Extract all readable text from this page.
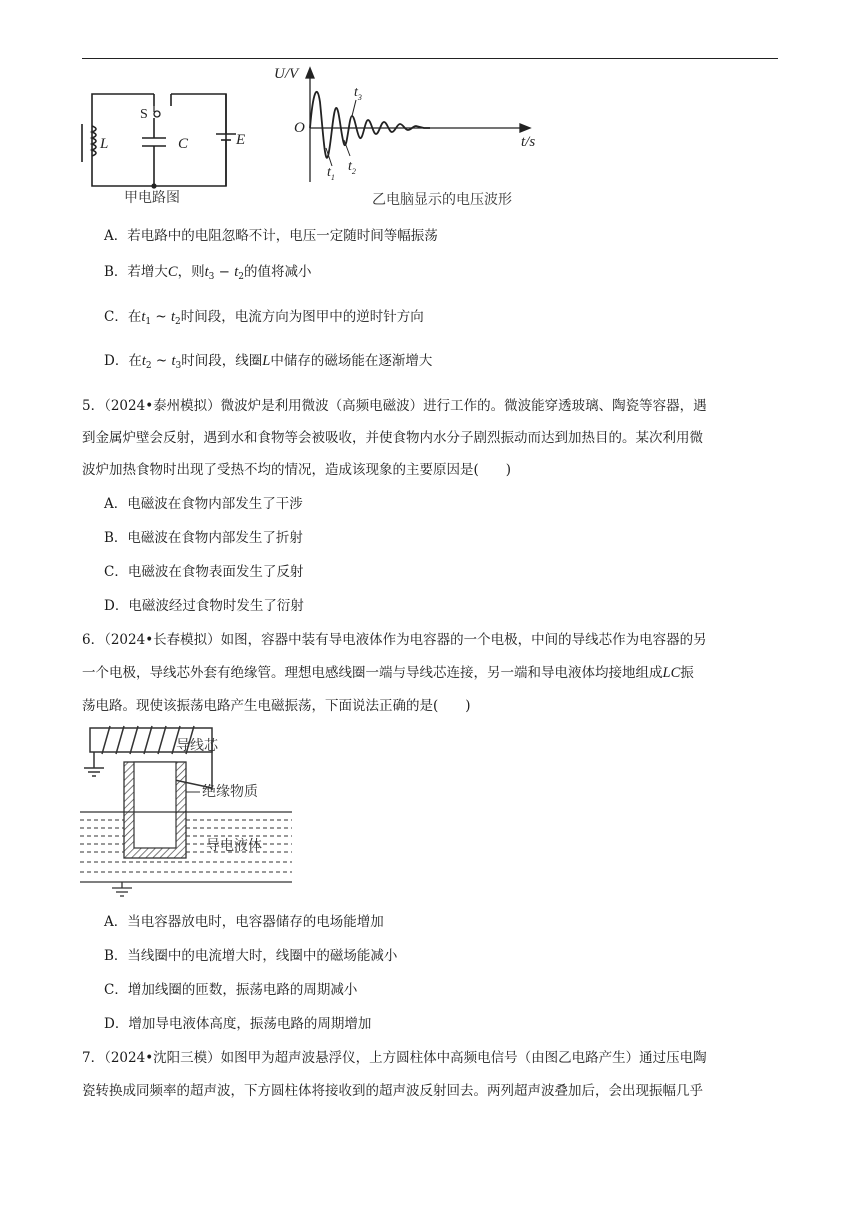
L
S
C	E
甲电路图
U/V
O
t/s
$t_1$
$t_2$
$t_3$
乙电脑显示的电压波形
A．若电路中的电阻忽略不计，电压一定随时间等幅振荡
B．若增大C，则$t_3 - t_2$的值将减小
C．在$t_1$ ~ $t_2$时间段，电流方向为图甲中的逆时针方向
D．在$t_2$ ~ $t_3$时间段，线圈L中储存的磁场能在逐渐增大
5．（2024•泰州模拟）微波炉是利用微波（高频电磁波）进行工作的。微波能穿透玻璃、陶瓷等容器，遇
到金属炉壁会反射，遇到水和食物等会被吸收，并使食物内水分子剧烈振动而达到加热目的。某次利用微
波炉加热食物时出现了受热不均的情况，造成该现象的主要原因是(　　)
A．电磁波在食物内部发生了干涉
B．电磁波在食物内部发生了折射
C．电磁波在食物表面发生了反射
D．电磁波经过食物时发生了衍射
6．（2024•长春模拟）如图，容器中装有导电液体作为电容器的一个电极，中间的导线芯作为电容器的另
一个电极，导线芯外套有绝缘管。理想电感线圈一端与导线芯连接，另一端和导电液体均接地组成LC振
荡电路。现使该振荡电路产生电磁振荡，下面说法正确的是(　　)
导线芯
绝缘物质
导电液体
A．当电容器放电时，电容器储存的电场能增加
B．当线圈中的电流增大时，线圈中的磁场能减小
C．增加线圈的匝数，振荡电路的周期减小
D．增加导电液体高度，振荡电路的周期增加
7．（2024•沈阳三模）如图甲为超声波悬浮仪，上方圆柱体中高频电信号（由图乙电路产生）通过压电陶
瓷转换成同频率的超声波，下方圆柱体将接收到的超声波反射回去。两列超声波叠加后，会出现振幅几乎
